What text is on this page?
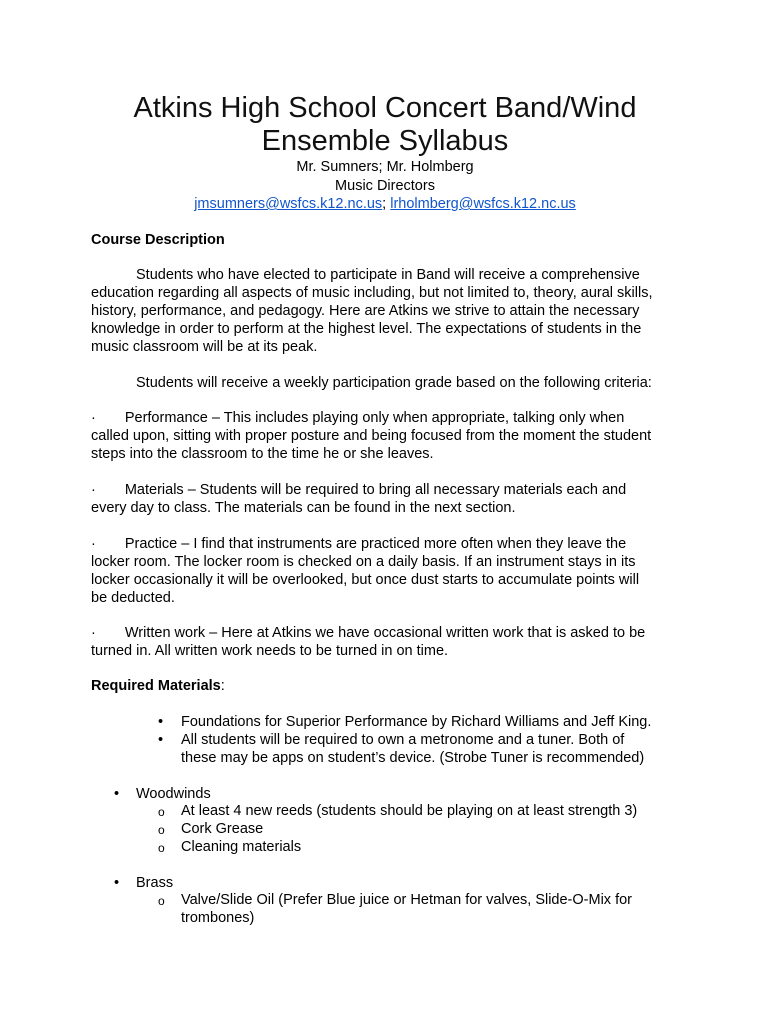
Atkins High School Concert Band/Wind
Ensemble Syllabus
Mr. Sumners; Mr. Holmberg
Music Directors
jmsumners@wsfcs.k12.nc.us; lrholmberg@wsfcs.k12.nc.us
Course Description
Students who have elected to participate in Band will receive a comprehensive
education regarding all aspects of music including, but not limited to, theory, aural skills,
history, performance, and pedagogy. Here are Atkins we strive to attain the necessary
knowledge in order to perform at the highest level. The expectations of students in the
music classroom will be at its peak.
Students will receive a weekly participation grade based on the following criteria:
· Performance – This includes playing only when appropriate, talking only when
called upon, sitting with proper posture and being focused from the moment the student
steps into the classroom to the time he or she leaves.
· Materials – Students will be required to bring all necessary materials each and
every day to class. The materials can be found in the next section.
· Practice – I find that instruments are practiced more often when they leave the
locker room. The locker room is checked on a daily basis. If an instrument stays in its
locker occasionally it will be overlooked, but once dust starts to accumulate points will
be deducted.
· Written work – Here at Atkins we have occasional written work that is asked to be
turned in. All written work needs to be turned in on time.
Required Materials:
• Foundations for Superior Performance by Richard Williams and Jeff King.
• All students will be required to own a metronome and a tuner. Both of
these may be apps on student’s device. (Strobe Tuner is recommended)
• Woodwinds
o At least 4 new reeds (students should be playing on at least strength 3)
o Cork Grease
o Cleaning materials
• Brass
o Valve/Slide Oil (Prefer Blue juice or Hetman for valves, Slide-O-Mix for
trombones)
